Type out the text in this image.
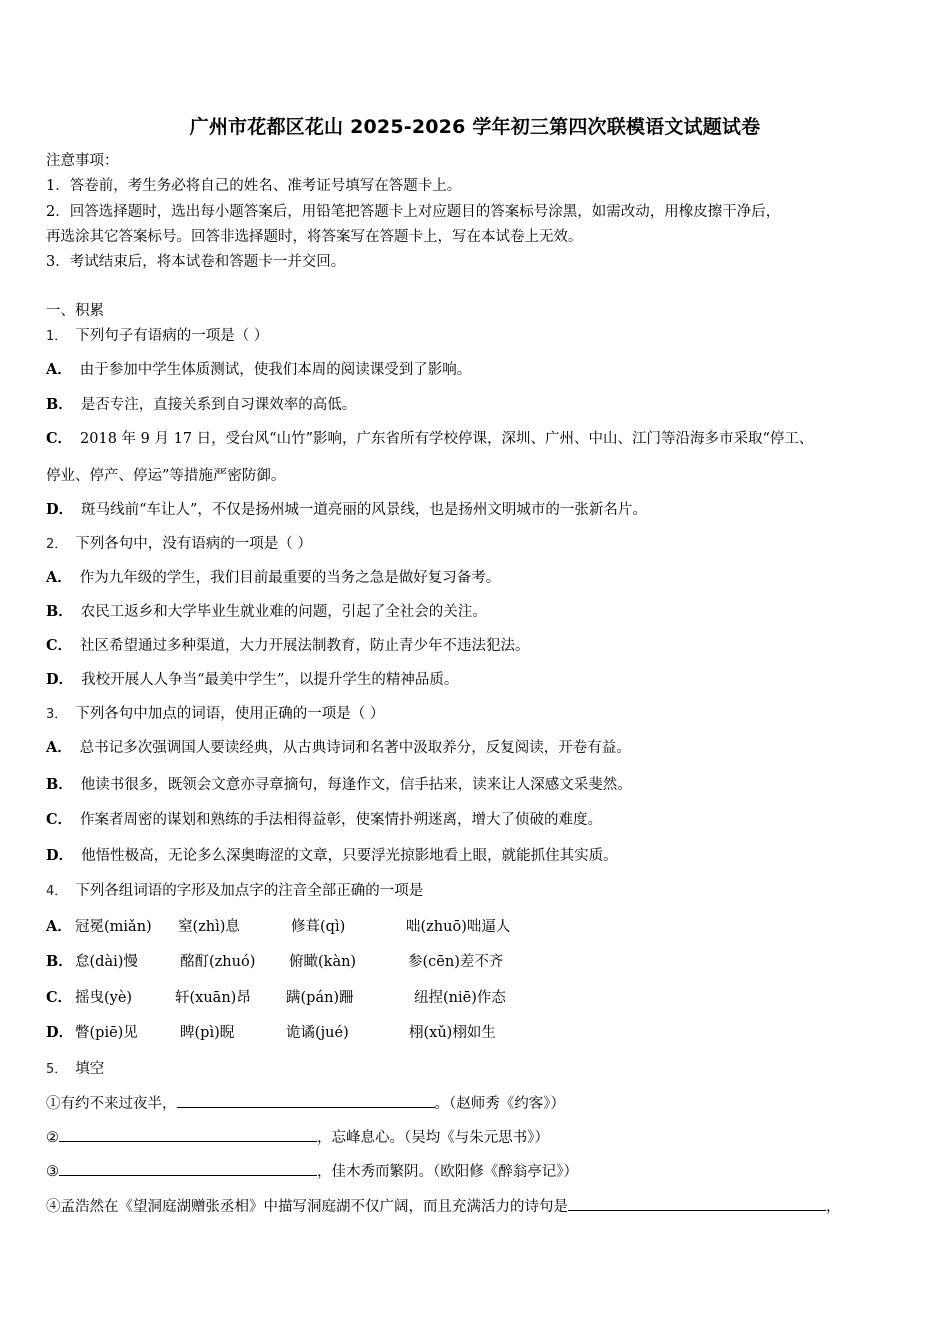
广州市花都区花山 2025-2026 学年初三第四次联模语文试题试卷
注意事项：
1．答卷前，考生务必将自己的姓名、准考证号填写在答题卡上。
2．回答选择题时，选出每小题答案后，用铅笔把答题卡上对应题目的答案标号涂黑，如需改动，用橡皮擦干净后，
再选涂其它答案标号。回答非选择题时，将答案写在答题卡上，写在本试卷上无效。
3．考试结束后，将本试卷和答题卡一并交回。
一、积累
1． 下列句子有语病的一项是（ ）
A． 由于参加中学生体质测试，使我们本周的阅读课受到了影响。
B． 是否专注，直接关系到自习课效率的高低。
C． 2018 年 9 月 17 日，受台风“山竹”影响，广东省所有学校停课，深圳、广州、中山、江门等沿海多市采取“停工、
停业、停产、停运”等措施严密防御。
D． 斑马线前“车让人”，不仅是扬州城一道亮丽的风景线，也是扬州文明城市的一张新名片。
2． 下列各句中，没有语病的一项是（ ）
A． 作为九年级的学生，我们目前最重要的当务之急是做好复习备考。
B． 农民工返乡和大学毕业生就业难的问题，引起了全社会的关注。
C． 社区希望通过多种渠道，大力开展法制教育，防止青少年不违法犯法。
D． 我校开展人人争当“最美中学生”，以提升学生的精神品质。
3． 下列各句中加点的词语，使用正确的一项是（ ）
A． 总书记多次强调国人要读经典，从古典诗词和名著中汲取养分，反复阅读，开卷有益。
B． 他读书很多，既领会文意亦寻章摘句，每逢作文，信手拈来，读来让人深感文采斐然。
C． 作案者周密的谋划和熟练的手法相得益彰，使案情扑朔迷离，增大了侦破的难度。
D． 他悟性极高，无论多么深奥晦涩的文章，只要浮光掠影地看上眼，就能抓住其实质。
4． 下列各组词语的字形及加点字的注音全部正确的一项是
A． 冠冕(miǎn) 窒(zhì)息	修葺(qì)	咄(zhuō)咄逼人
B． 怠(dài)慢	酩酊(zhuó) 俯瞰(kàn)	参(cēn)差不齐
C． 摇曳(yè)	轩(xuān)昂 蹒(pán)跚	纽捏(niē)作态
D． 瞥(piē)见	睥(pì)睨	诡谲(jué)	栩(xǔ)栩如生
5． 填空
①有约不来过夜半，	。（赵师秀《约客》）
②	，忘峰息心。（吴均《与朱元思书》）
③	，佳木秀而繁阴。（欧阳修《醉翁亭记》）
④孟浩然在《望洞庭湖赠张丞相》中描写洞庭湖不仅广阔，而且充满活力的诗句是	，
